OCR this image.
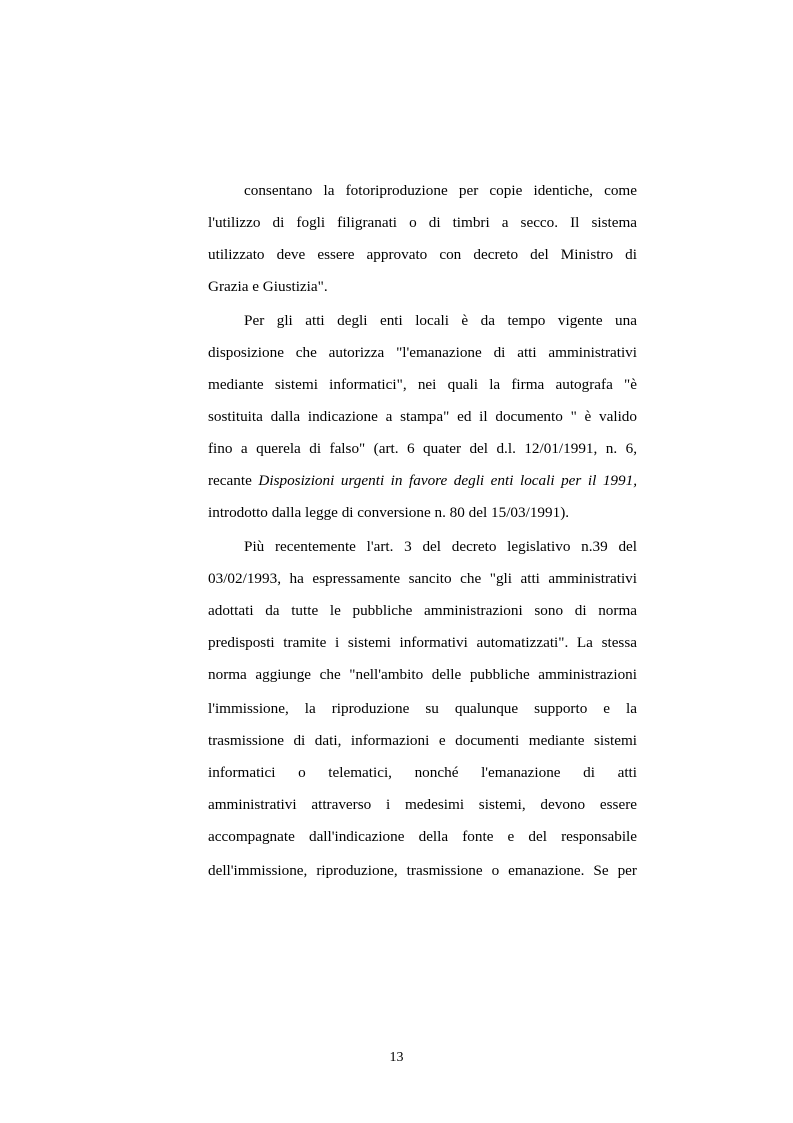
consentano la fotoriproduzione per copie identiche, come
l'utilizzo di fogli filigranati o di timbri a secco. Il sistema
utilizzato deve essere approvato con decreto del Ministro di
Grazia e Giustizia".
Per gli atti degli enti locali è da tempo vigente una
disposizione che autorizza "l'emanazione di atti amministrativi
mediante sistemi informatici", nei quali la firma autografa "è
sostituita dalla indicazione a stampa" ed il documento " è valido
fino a querela di falso" (art. 6 quater del d.l. 12/01/1991, n. 6,
recante Disposizioni urgenti in favore degli enti locali per il 1991,
introdotto dalla legge di conversione n. 80 del 15/03/1991).
Più recentemente l'art. 3 del decreto legislativo n.39 del
03/02/1993, ha espressamente sancito che "gli atti amministrativi
adottati da tutte le pubbliche amministrazioni sono di norma
predisposti tramite i sistemi informativi automatizzati". La stessa
norma aggiunge che "nell'ambito delle pubbliche amministrazioni
l'immissione, la riproduzione su qualunque supporto e la
trasmissione di dati, informazioni e documenti mediante sistemi
informatici o telematici, nonché l'emanazione di atti
amministrativi attraverso i medesimi sistemi, devono essere
accompagnate dall'indicazione della fonte e del responsabile
dell'immissione, riproduzione, trasmissione o emanazione. Se per
13
